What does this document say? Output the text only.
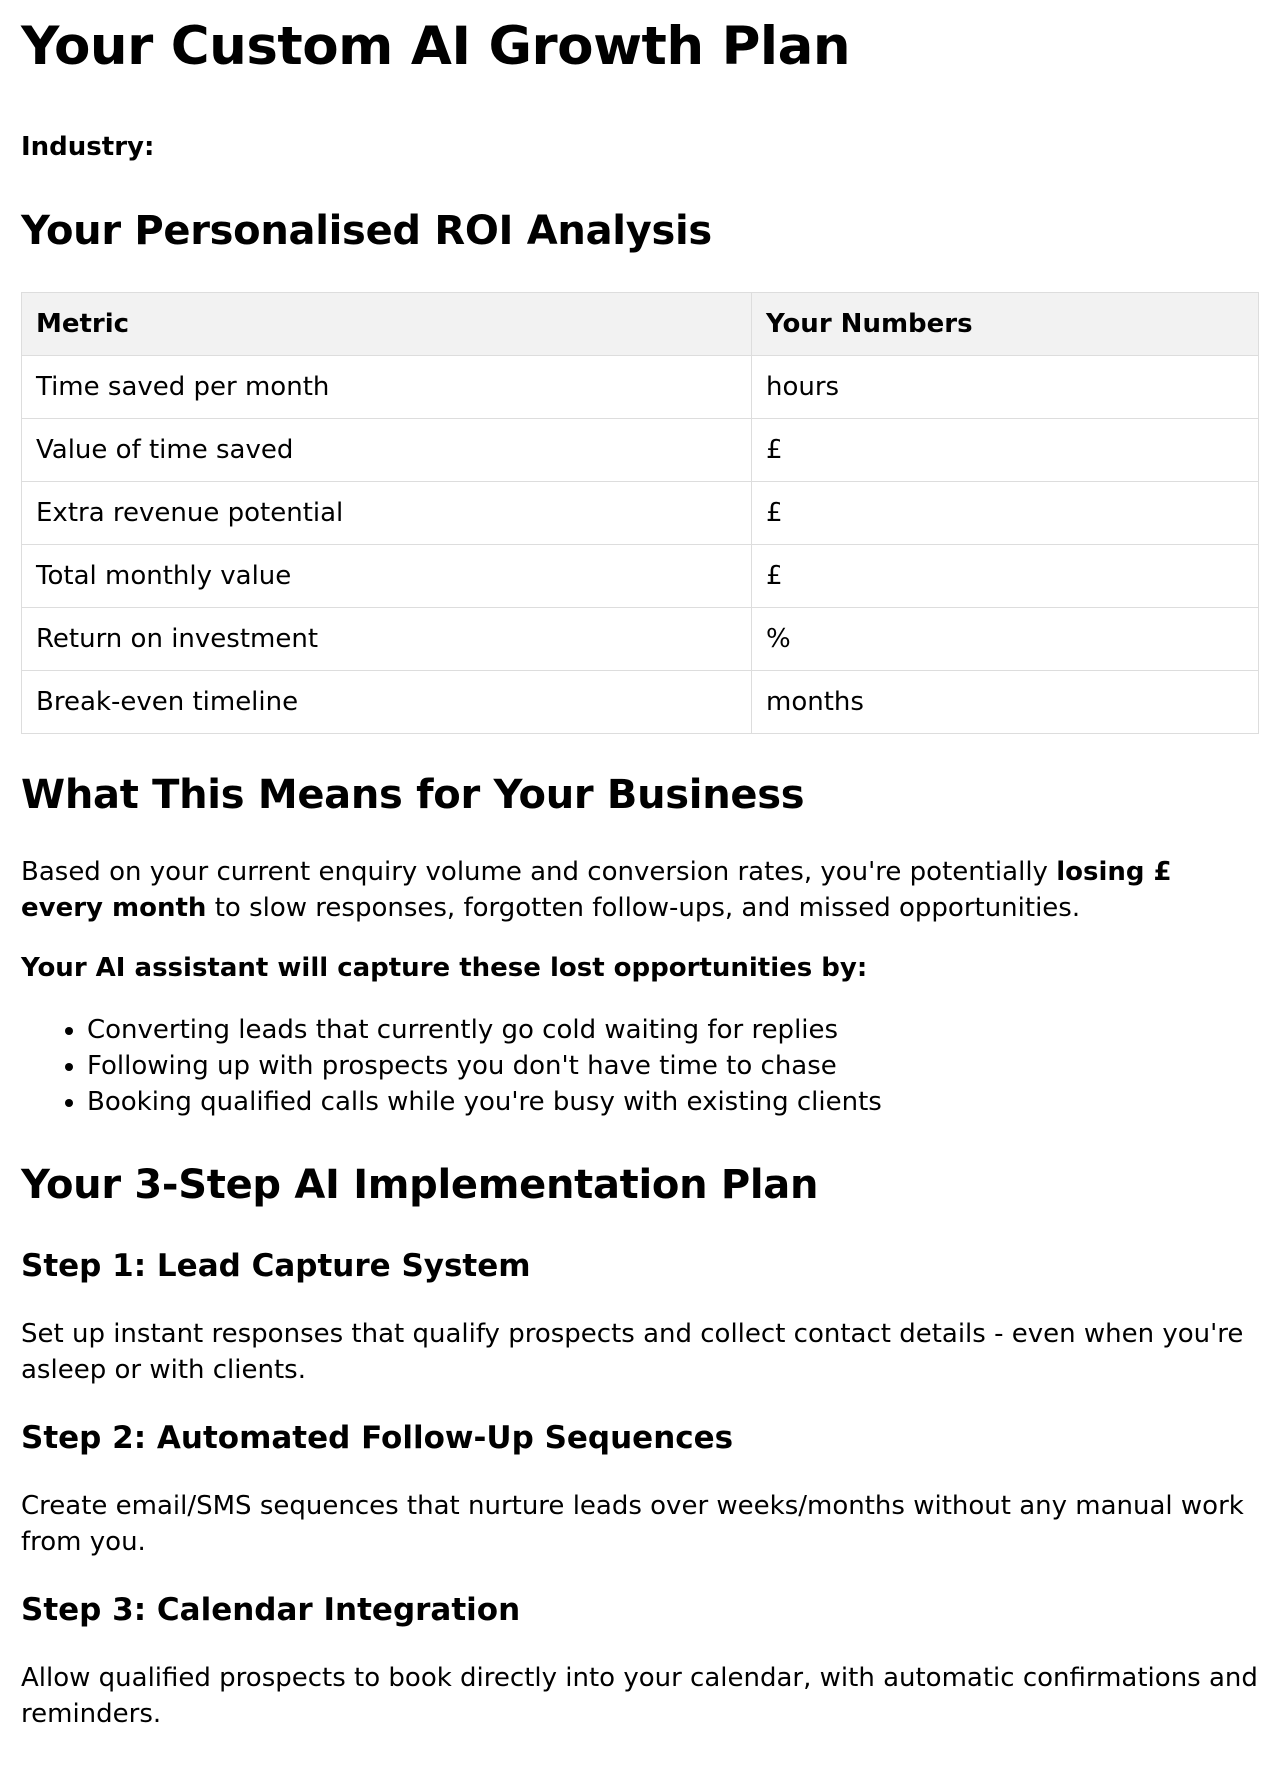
Your Custom AI Growth Plan
Industry:
Your Personalised ROI Analysis
Metric	Your Numbers
Time saved per month	hours
Value of time saved	£
Extra revenue potential	£
Total monthly value	£
Return on investment	%
Break-even timeline	months
What This Means for Your Business

Based on your current enquiry volume and conversion rates, you're potentially losing £ every month to slow responses, forgotten follow-ups, and missed opportunities.

Your AI assistant will capture these lost opportunities by:

• Converting leads that currently go cold waiting for replies
• Following up with prospects you don't have time to chase
• Booking qualified calls while you're busy with existing clients
Your 3-Step AI Implementation Plan
Step 1: Lead Capture System

Set up instant responses that qualify prospects and collect contact details - even when you're asleep or with clients.

Step 2: Automated Follow-Up Sequences

Create email/SMS sequences that nurture leads over weeks/months without any manual work from you.

Step 3: Calendar Integration

Allow qualified prospects to book directly into your calendar, with automatic confirmations and reminders.
